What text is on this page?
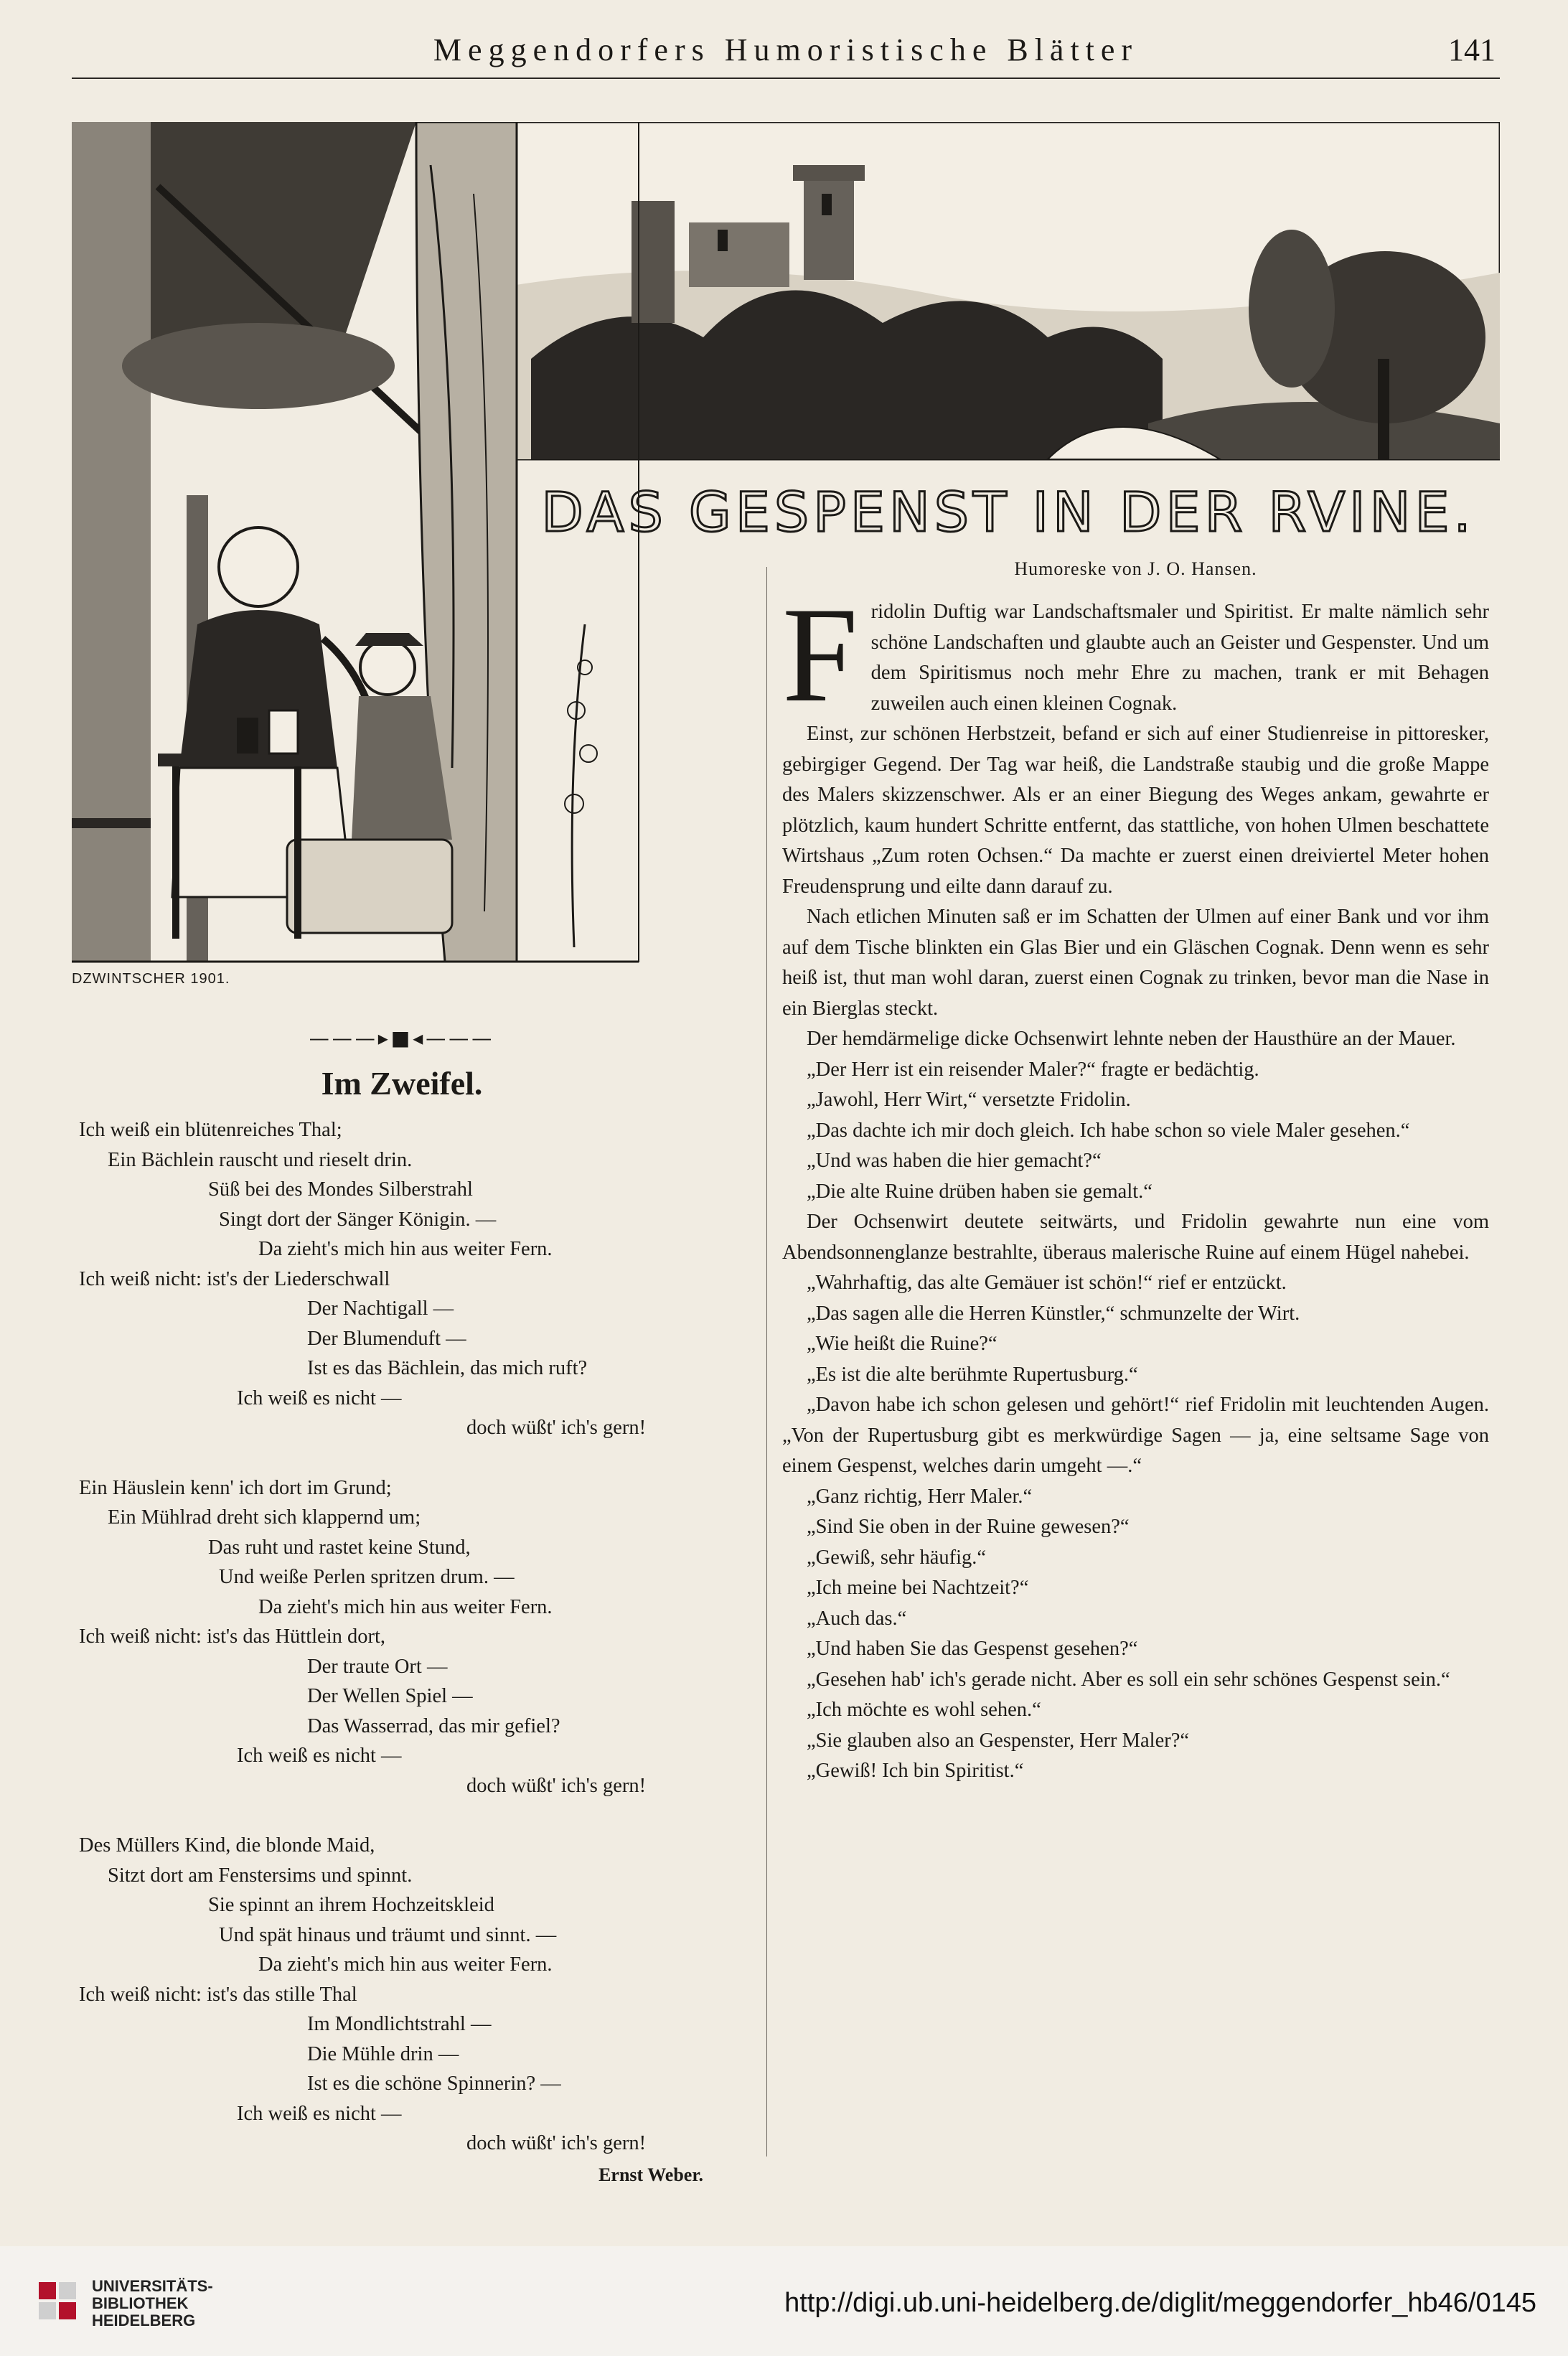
Meggendorfers Humoristische Blätter	141
DAS GESPENST IN DER RVINE.
DZWINTSCHER 1901.
———▸■◂———
Im Zweifel.
Ich weiß ein blütenreiches Thal;
Ein Bächlein rauscht und rieselt drin.
Süß bei des Mondes Silberstrahl
Singt dort der Sänger Königin. —
Da zieht's mich hin aus weiter Fern.
Ich weiß nicht: ist's der Liederschwall
Der Nachtigall —
Der Blumenduft —
Ist es das Bächlein, das mich ruft?
Ich weiß es nicht —
doch wüßt' ich's gern!
Ein Häuslein kenn' ich dort im Grund;
Ein Mühlrad dreht sich klappernd um;
Das ruht und rastet keine Stund,
Und weiße Perlen spritzen drum. —
Da zieht's mich hin aus weiter Fern.
Ich weiß nicht: ist's das Hüttlein dort,
Der traute Ort —
Der Wellen Spiel —
Das Wasserrad, das mir gefiel?
Ich weiß es nicht —
doch wüßt' ich's gern!
Des Müllers Kind, die blonde Maid,
Sitzt dort am Fenstersims und spinnt.
Sie spinnt an ihrem Hochzeitskleid
Und spät hinaus und träumt und sinnt. —
Da zieht's mich hin aus weiter Fern.
Ich weiß nicht: ist's das stille Thal
Im Mondlichtstrahl —
Die Mühle drin —
Ist es die schöne Spinnerin? —
Ich weiß es nicht —
doch wüßt' ich's gern!
Ernst Weber.
Humoreske von J. O. Hansen.

Fridolin Duftig war Landschaftsmaler und Spiritist. Er malte nämlich sehr schöne Landschaften und glaubte auch an Geister und Gespenster. Und um dem Spiritismus noch mehr Ehre zu machen, trank er mit Behagen zuweilen auch einen kleinen Cognak.

Einst, zur schönen Herbstzeit, befand er sich auf einer Studienreise in pittoresker, gebirgiger Gegend. Der Tag war heiß, die Landstraße staubig und die große Mappe des Malers skizzenschwer. Als er an einer Biegung des Weges ankam, gewahrte er plötzlich, kaum hundert Schritte entfernt, das stattliche, von hohen Ulmen beschattete Wirtshaus „Zum roten Ochsen.“ Da machte er zuerst einen dreiviertel Meter hohen Freudensprung und eilte dann darauf zu.

Nach etlichen Minuten saß er im Schatten der Ulmen auf einer Bank und vor ihm auf dem Tische blinkten ein Glas Bier und ein Gläschen Cognak. Denn wenn es sehr heiß ist, thut man wohl daran, zuerst einen Cognak zu trinken, bevor man die Nase in ein Bierglas steckt.

Der hemdärmelige dicke Ochsenwirt lehnte neben der Hausthüre an der Mauer.

„Der Herr ist ein reisender Maler?“ fragte er bedächtig.

„Jawohl, Herr Wirt,“ versetzte Fridolin.

„Das dachte ich mir doch gleich. Ich habe schon so viele Maler gesehen.“

„Und was haben die hier gemacht?“

„Die alte Ruine drüben haben sie gemalt.“

Der Ochsenwirt deutete seitwärts, und Fridolin gewahrte nun eine vom Abendsonnenglanze bestrahlte, überaus malerische Ruine auf einem Hügel nahebei.

„Wahrhaftig, das alte Gemäuer ist schön!“ rief er entzückt.

„Das sagen alle die Herren Künstler,“ schmunzelte der Wirt.

„Wie heißt die Ruine?“

„Es ist die alte berühmte Rupertusburg.“

„Davon habe ich schon gelesen und gehört!“ rief Fridolin mit leuchtenden Augen. „Von der Rupertusburg gibt es merkwürdige Sagen — ja, eine seltsame Sage von einem Gespenst, welches darin umgeht —.“

„Ganz richtig, Herr Maler.“

„Sind Sie oben in der Ruine gewesen?“

„Gewiß, sehr häufig.“

„Ich meine bei Nachtzeit?“

„Auch das.“

„Und haben Sie das Gespenst gesehen?“

„Gesehen hab' ich's gerade nicht. Aber es soll ein sehr schönes Gespenst sein.“

„Ich möchte es wohl sehen.“

„Sie glauben also an Gespenster, Herr Maler?“

„Gewiß! Ich bin Spiritist.“

UNIVERSITÄTS-
BIBLIOTHEK
HEIDELBERG
http://digi.ub.uni-heidelberg.de/diglit/meggendorfer_hb46/0145
